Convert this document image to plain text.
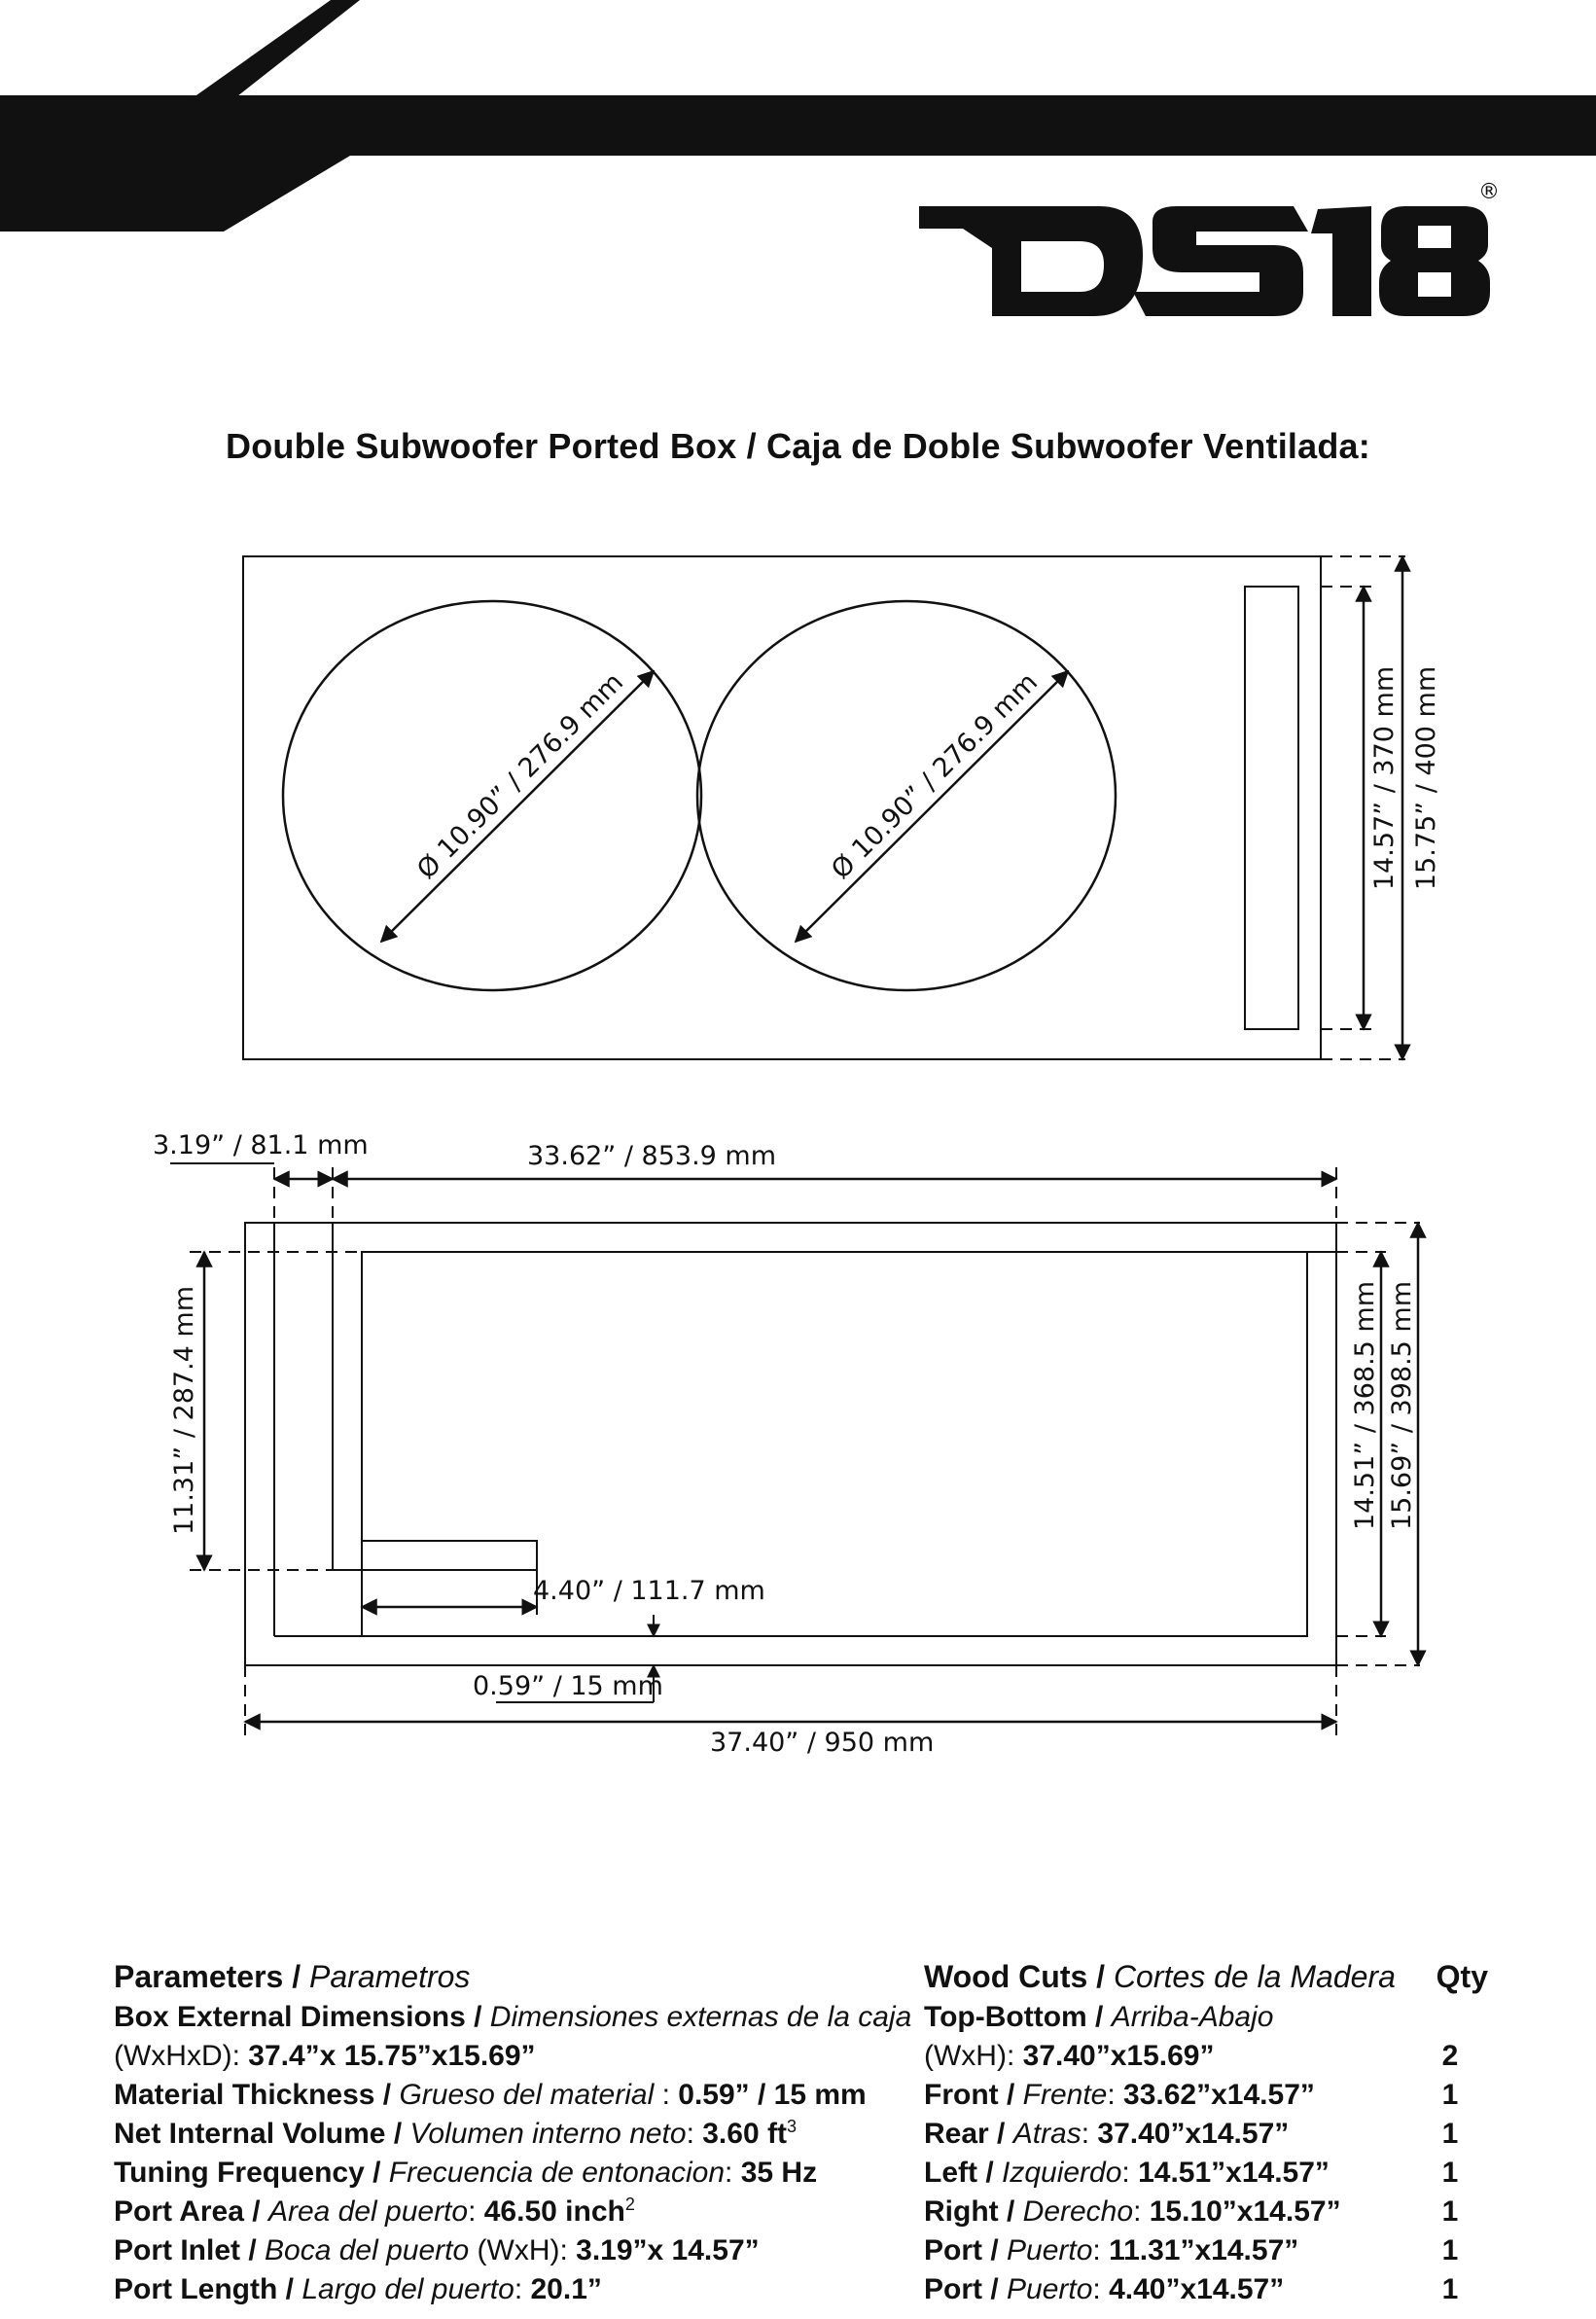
®
Double Subwoofer Ported Box / Caja de Doble Subwoofer Ventilada:
Ø 10.90” / 276.9 mm	Ø 10.90” / 276.9 mm	14.57” / 370 mm 15.75” / 400 mm
3.19” / 81.1 mm	33.62” / 853.9 mm
11.31” / 287.4 mm
4.40” / 111.7 mm
0.59” / 15 mm
37.40” / 950 mm
14.51” / 368.5 mm 15.69” / 398.5 mm
Parameters / Parametros
Box External Dimensions / Dimensiones externas de la caja
(WxHxD): 37.4”x 15.75”x15.69”
Material Thickness / Grueso del material : 0.59” / 15 mm
Net Internal Volume / Volumen interno neto: 3.60 $ft^3$
Tuning Frequency / Frecuencia de entonacion: 35 Hz
Port Area / Area del puerto: 46.50 inch$^2$
Port Inlet / Boca del puerto (WxH): 3.19”x 14.57”
Port Length / Largo del puerto: 20.1”
Wood Cuts / Cortes de la Madera Qty
Top-Bottom / Arriba-Abajo
(WxH): 37.40”x15.69”	2
Front / Frente: 33.62”x14.57”	1
Rear / Atras: 37.40”x14.57”	1
Left / Izquierdo: 14.51”x14.57”	1
Right / Derecho: 15.10”x14.57”	1
Port / Puerto: 11.31”x14.57”	1
Port / Puerto: 4.40”x14.57”	1
